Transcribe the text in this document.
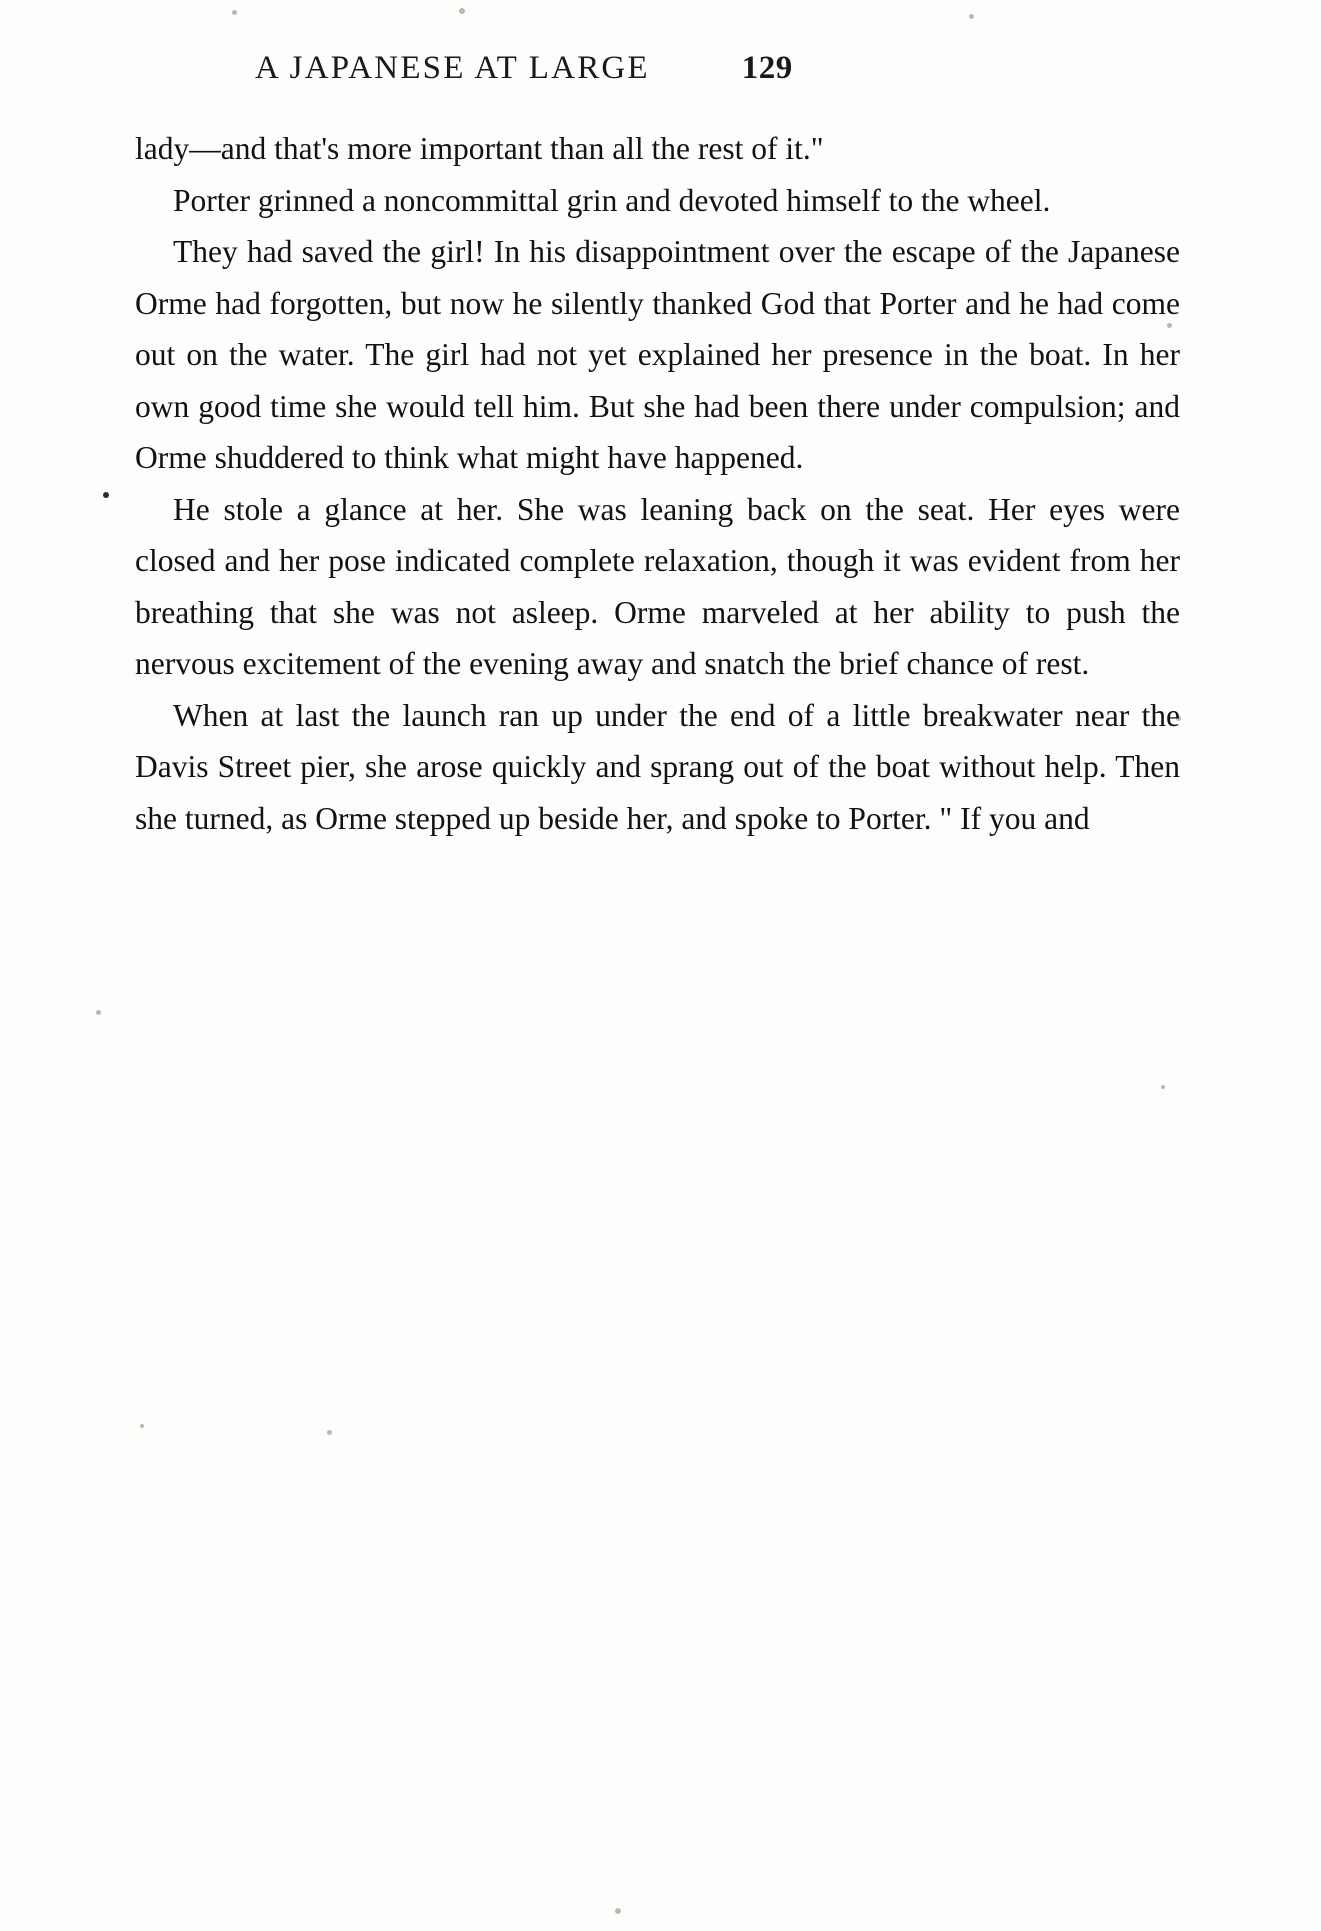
A JAPANESE AT LARGE	129

lady—and that's more important than all the rest of it."

Porter grinned a noncommittal grin and devoted himself to the wheel.

They had saved the girl! In his disappointment over the escape of the Japanese Orme had forgotten, but now he silently thanked God that Porter and he had come out on the water. The girl had not yet explained her presence in the boat. In her own good time she would tell him. But she had been there under compulsion; and Orme shuddered to think what might have happened.

He stole a glance at her. She was leaning back on the seat. Her eyes were closed and her pose indicated complete relaxation, though it was evident from her breathing that she was not asleep. Orme marveled at her ability to push the nervous excitement of the evening away and snatch the brief chance of rest.

When at last the launch ran up under the end of a little breakwater near the Davis Street pier, she arose quickly and sprang out of the boat without help. Then she turned, as Orme stepped up beside her, and spoke to Porter. " If you and
